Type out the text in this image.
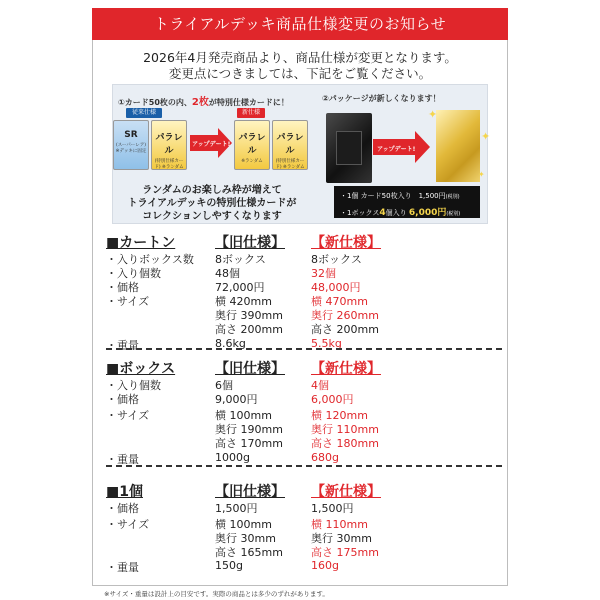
トライアルデッキ商品仕様変更のお知らせ
2026年4月発売商品より、商品仕様が変更となります。
変更点につきましては、下記をご覧ください。
①カード50枚の内、2枚が特別仕様カードに！
従来仕様	新仕様
SR
(スーパーレア) ※デッキに固定
パラレル
(特別仕様カード) ※ランダム
アップデート!
パラレル
※ランダム
パラレル
(特別仕様カード) ※ランダム
ランダムのお楽しみ枠が増えて
トライアルデッキの特別仕様カードが
コレクションしやすくなります
②パッケージが新しくなります！
アップデート!
✦
✦
✦
・1個 カード50枚入り　1,500円(税別)
・1ボックス4個入り 6,000円(税別)
■カートン	【旧仕様】 【新仕様】
・入りボックス数 8ボックス	8ボックス
・入り個数	48個	32個
・価格	72,000円	48,000円
・サイズ	横 420mm	横 470mm
奥行 390mm	奥行 260mm
高さ 200mm	高さ 200mm
・重量	8.6kg	5.5kg
■ボックス	【旧仕様】 【新仕様】
・入り個数	6個	4個
・価格	9,000円	6,000円
・サイズ	横 100mm	横 120mm
奥行 190mm	奥行 110mm
高さ 170mm	高さ 180mm
・重量	1000g	680g
■1個	【旧仕様】 【新仕様】
・価格	1,500円	1,500円
・サイズ	横 100mm	横 110mm
奥行 30mm	奥行 30mm
高さ 165mm	高さ 175mm
・重量	150g	160g
※サイズ・重量は設計上の目安です。実際の商品とは多少のずれがあります。
